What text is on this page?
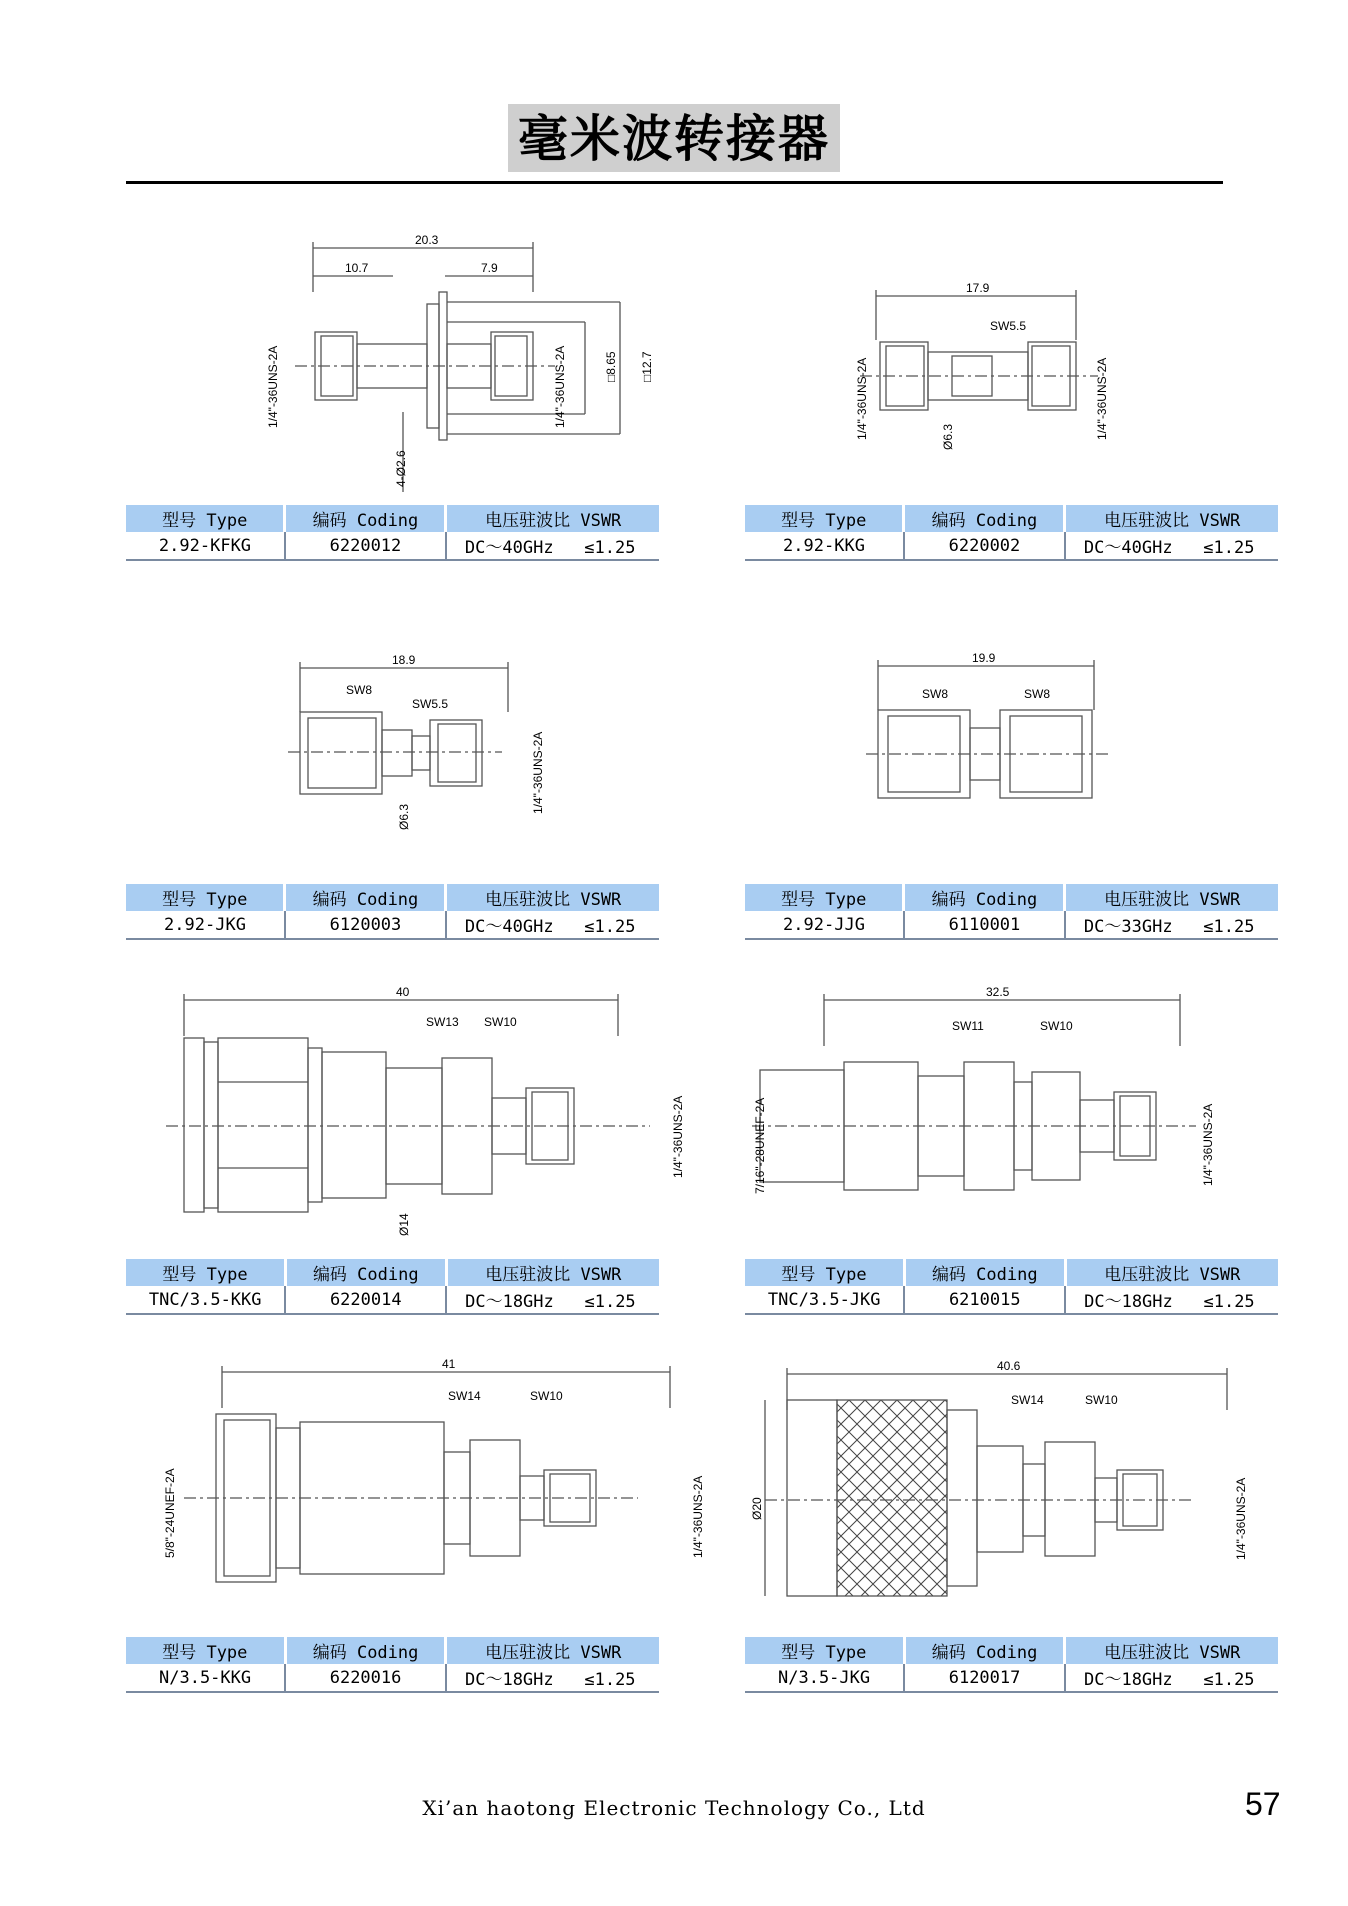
毫米波转接器
20.3
10.7	7.9
□8.65 □12.7
1/4"-36UNS-2A	1/4"-36UNS-2A
4-Ø2.6
17.9
SW5.5
1/4"-36UNS-2A	1/4"-36UNS-2A
Ø6.3
18.9
SW8
SW5.5
1/4"-36UNS-2A
Ø6.3
19.9
SW8	SW8
40
SW13 SW10
1/4"-36UNS-2A
Ø14
32.5
SW11	SW10
7/16"-28UNEF-2A	1/4"-36UNS-2A
41
SW14	SW10
5/8"-24UNEF-2A	1/4"-36UNS-2A
40.6
SW14	SW10
Ø20	1/4"-36UNS-2A
型号 Type	编码 Coding	电压驻波比 VSWR
2.92-KFKG	6220012	DC～40GHz ≤1.25
型号 Type	编码 Coding	电压驻波比 VSWR
2.92-KKG	6220002	DC～40GHz ≤1.25
型号 Type	编码 Coding	电压驻波比 VSWR
2.92-JKG	6120003	DC～40GHz ≤1.25
型号 Type	编码 Coding	电压驻波比 VSWR
2.92-JJG	6110001	DC～33GHz ≤1.25
型号 Type	编码 Coding	电压驻波比 VSWR
TNC/3.5-KKG	6220014	DC～18GHz ≤1.25
型号 Type	编码 Coding	电压驻波比 VSWR
TNC/3.5-JKG	6210015	DC～18GHz ≤1.25
型号 Type	编码 Coding	电压驻波比 VSWR
N/3.5-KKG	6220016	DC～18GHz ≤1.25
型号 Type	编码 Coding	电压驻波比 VSWR
N/3.5-JKG	6120017	DC～18GHz ≤1.25
Xi’an haotong Electronic Technology Co., Ltd	57
